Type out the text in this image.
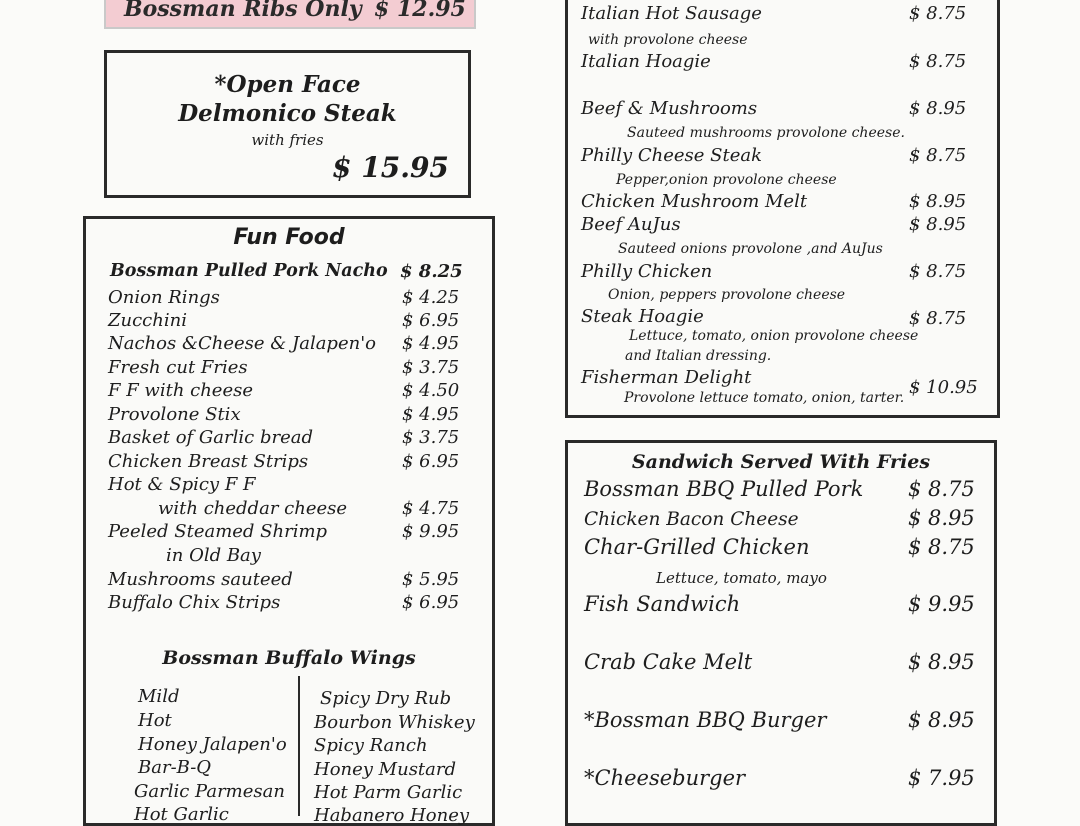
Bossman Ribs Only $ 12.95
*Open Face
Delmonico Steak
with fries
$ 15.95
Fun Food
Bossman Pulled Pork Nacho $ 8.25
Onion Rings	$ 4.25
Zucchini	$ 6.95
Nachos &Cheese & Jalapen'o $ 4.95
Fresh cut Fries	$ 3.75
F F with cheese	$ 4.50
Provolone Stix	$ 4.95
Basket of Garlic bread	$ 3.75
Chicken Breast Strips	$ 6.95
Hot & Spicy F F
with cheddar cheese	$ 4.75
Peeled Steamed Shrimp	$ 9.95
in Old Bay
Mushrooms sauteed	$ 5.95
Buffalo Chix Strips	$ 6.95
Bossman Buffalo Wings
Mild
Hot
Honey Jalapen'o
Bar-B-Q
Garlic Parmesan
Hot Garlic
Spicy Dry Rub
Bourbon Whiskey
Spicy Ranch
Honey Mustard
Hot Parm Garlic
Habanero Honey
Italian Hot Sausage	$ 8.75
with provolone cheese
Italian Hoagie	$ 8.75
Beef & Mushrooms	$ 8.95
Sauteed mushrooms provolone cheese.
Philly Cheese Steak	$ 8.75
Pepper,onion provolone cheese
Chicken Mushroom Melt	$ 8.95
Beef AuJus	$ 8.95
Sauteed onions provolone ,and AuJus
Philly Chicken	$ 8.75
Onion, peppers provolone cheese
Steak Hoagie	$ 8.75
Lettuce, tomato, onion provolone cheese
and Italian dressing.
Fisherman Delight	$ 10.95
Provolone lettuce tomato, onion, tarter.
Sandwich Served With Fries
Bossman BBQ Pulled Pork $ 8.75
Chicken Bacon Cheese	$ 8.95
Char-Grilled Chicken	$ 8.75
Lettuce, tomato, mayo
Fish Sandwich	$ 9.95
Crab Cake Melt	$ 8.95
*Bossman BBQ Burger	$ 8.95
*Cheeseburger	$ 7.95
